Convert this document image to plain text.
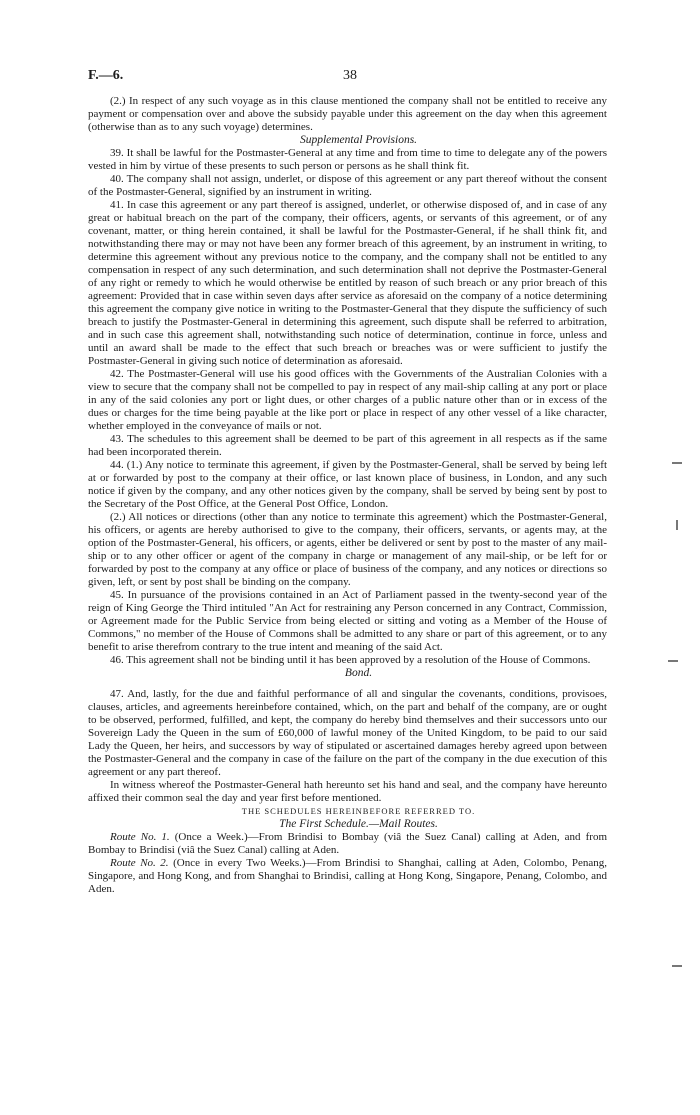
F.—6.	38

(2.) In respect of any such voyage as in this clause mentioned the company shall not be entitled to receive any payment or compensation over and above the subsidy payable under this agreement on the day when this agreement (otherwise than as to any such voyage) determines.

Supplemental Provisions.

39. It shall be lawful for the Postmaster-General at any time and from time to time to delegate any of the powers vested in him by virtue of these presents to such person or persons as he shall think fit.

40. The company shall not assign, underlet, or dispose of this agreement or any part thereof without the consent of the Postmaster-General, signified by an instrument in writing.

41. In case this agreement or any part thereof is assigned, underlet, or otherwise disposed of, and in case of any great or habitual breach on the part of the company, their officers, agents, or servants of this agreement, or of any covenant, matter, or thing herein contained, it shall be lawful for the Postmaster-General, if he shall think fit, and notwithstanding there may or may not have been any former breach of this agreement, by an instrument in writing, to determine this agreement without any previous notice to the company, and the company shall not be entitled to any compensation in respect of any such determination, and such determination shall not deprive the Postmaster-General of any right or remedy to which he would otherwise be entitled by reason of such breach or any prior breach of this agreement: Provided that in case within seven days after service as aforesaid on the company of a notice determining this agreement the company give notice in writing to the Postmaster-General that they dispute the sufficiency of such breach to justify the Postmaster-General in determining this agreement, such dispute shall be referred to arbitration, and in such case this agreement shall, notwithstanding such notice of determination, continue in force, unless and until an award shall be made to the effect that such breach or breaches was or were sufficient to justify the Postmaster-General in giving such notice of determination as aforesaid.

42. The Postmaster-General will use his good offices with the Governments of the Australian Colonies with a view to secure that the company shall not be compelled to pay in respect of any mail-ship calling at any port or place in any of the said colonies any port or light dues, or other charges of a public nature other than or in excess of the dues or charges for the time being payable at the like port or place in respect of any other vessel of a like character, whether employed in the conveyance of mails or not.

43. The schedules to this agreement shall be deemed to be part of this agreement in all respects as if the same had been incorporated therein.

44. (1.) Any notice to terminate this agreement, if given by the Postmaster-General, shall be served by being left at or forwarded by post to the company at their office, or last known place of business, in London, and any such notice if given by the company, and any other notices given by the company, shall be served by being sent by post to the Secretary of the Post Office, at the General Post Office, London.

(2.) All notices or directions (other than any notice to terminate this agreement) which the Postmaster-General, his officers, or agents are hereby authorised to give to the company, their officers, servants, or agents may, at the option of the Postmaster-General, his officers, or agents, either be delivered or sent by post to the master of any mail-ship or to any other officer or agent of the company in charge or management of any mail-ship, or be left for or forwarded by post to the company at any office or place of business of the company, and any notices or directions so given, left, or sent by post shall be binding on the company.

45. In pursuance of the provisions contained in an Act of Parliament passed in the twenty-second year of the reign of King George the Third intituled "An Act for restraining any Person concerned in any Contract, Commission, or Agreement made for the Public Service from being elected or sitting and voting as a Member of the House of Commons," no member of the House of Commons shall be admitted to any share or part of this agreement, or to any benefit to arise therefrom contrary to the true intent and meaning of the said Act.

46. This agreement shall not be binding until it has been approved by a resolution of the House of Commons.

Bond.

47. And, lastly, for the due and faithful performance of all and singular the covenants, conditions, provisoes, clauses, articles, and agreements hereinbefore contained, which, on the part and behalf of the company, are or ought to be observed, performed, fulfilled, and kept, the company do hereby bind themselves and their successors unto our Sovereign Lady the Queen in the sum of £60,000 of lawful money of the United Kingdom, to be paid to our said Lady the Queen, her heirs, and successors by way of stipulated or ascertained damages hereby agreed upon between the Postmaster-General and the company in case of the failure on the part of the company in the due execution of this agreement or any part thereof.

In witness whereof the Postmaster-General hath hereunto set his hand and seal, and the company have hereunto affixed their common seal the day and year first before mentioned.

THE SCHEDULES HEREINBEFORE REFERRED TO.

The First Schedule.—Mail Routes.

Route No. 1. (Once a Week.)—From Brindisi to Bombay (viâ the Suez Canal) calling at Aden, and from Bombay to Brindisi (viâ the Suez Canal) calling at Aden.

Route No. 2. (Once in every Two Weeks.)—From Brindisi to Shanghai, calling at Aden, Colombo, Penang, Singapore, and Hong Kong, and from Shanghai to Brindisi, calling at Hong Kong, Singapore, Penang, Colombo, and Aden.
